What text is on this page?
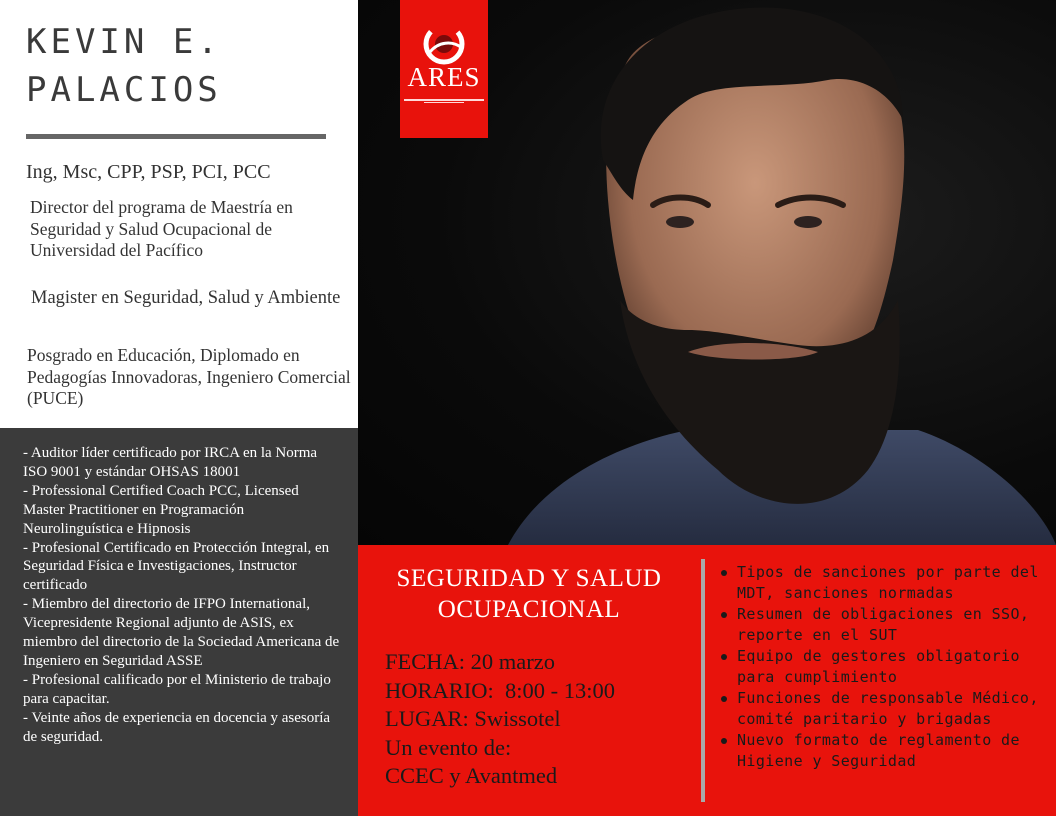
KEVIN E.
PALACIOS
Ing, Msc, CPP, PSP, PCI, PCC
Director del programa de Maestría en Seguridad y Salud Ocupacional de Universidad del Pacífico
Magister en Seguridad, Salud y Ambiente
Posgrado en Educación, Diplomado en Pedagogías Innovadoras, Ingeniero Comercial (PUCE)
- Auditor líder certificado por IRCA en la Norma ISO 9001 y estándar OHSAS 18001
- Professional Certified Coach PCC, Licensed Master Practitioner en Programación Neurolinguística e Hipnosis
- Profesional Certificado en Protección Integral, en Seguridad Física e Investigaciones, Instructor certificado
- Miembro del directorio de IFPO International, Vicepresidente Regional adjunto de ASIS, ex miembro del directorio de la Sociedad Americana de Ingeniero en Seguridad ASSE
- Profesional calificado por el Ministerio de trabajo para capacitar.
- Veinte años de experiencia en docencia y asesoría de seguridad.
ARES
SEGURIDAD Y SALUD
OCUPACIONAL
FECHA: 20 marzo
HORARIO:  8:00 - 13:00
LUGAR: Swissotel
Un evento de:
CCEC y Avantmed
Tipos de sanciones por parte del MDT, sanciones normadas
Resumen de obligaciones en SSO, reporte en el SUT
Equipo de gestores obligatorio para cumplimiento
Funciones de responsable Médico, comité paritario y brigadas
Nuevo formato de reglamento de Higiene y Seguridad
